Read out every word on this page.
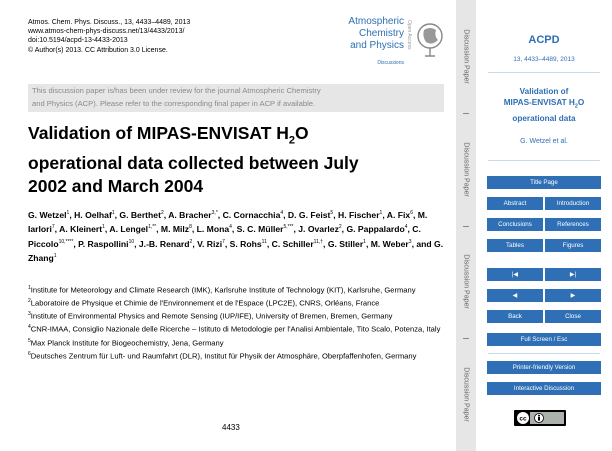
Atmos. Chem. Phys. Discuss., 13, 4433–4489, 2013
www.atmos-chem-phys-discuss.net/13/4433/2013/
doi:10.5194/acpd-13-4433-2013
© Author(s) 2013. CC Attribution 3.0 License.
Atmospheric
Chemistry
and Physics
Discussions
Open Access
This discussion paper is/has been under review for the journal Atmospheric Chemistry
and Physics (ACP). Please refer to the corresponding final paper in ACP if available.
Validation of MIPAS-ENVISAT $H_2O$
operational data collected between July
2002 and March 2004
G. Wetzel$^1$, H. Oelhaf$^1$, G. Berthet$^2$, A. Bracher$^{3,*}$, C. Cornacchia$^4$, D. G. Feist$^5$, H. Fischer$^1$, A. Fix$^6$, M. Iarlori$^7$, A. Kleinert$^1$, A. Lengel$^{1,**}$, M. Milz$^8$, L. Mona$^4$, S. C. Müller$^{5,***}$, J. Ovarlez$^2$, G. Pappalardo$^4$, C. Piccolo$^{10,****}$, P. Raspollini$^{10}$, J.-B. Renard$^2$, V. Rizi$^7$, S. Rohs$^{11}$, C. Schiller$^{11,\dagger}$, G. Stiller$^1$, M. Weber$^3$, and G. Zhang$^1$
$^1$Institute for Meteorology and Climate Research (IMK), Karlsruhe Institute of Technology (KIT), Karlsruhe, Germany
$^2$Laboratoire de Physique et Chimie de l'Environnement et de l'Espace (LPC2E), CNRS, Orléans, France
$^3$Institute of Environmental Physics and Remote Sensing (IUP/IFE), University of Bremen, Bremen, Germany
$^4$CNR-IMAA, Consiglio Nazionale delle Ricerche – Istituto di Metodologie per l'Analisi Ambientale, Tito Scalo, Potenza, Italy
$^5$Max Planck Institute for Biogeochemistry, Jena, Germany
$^6$Deutsches Zentrum für Luft- und Raumfahrt (DLR), Institut für Physik der Atmosphäre, Oberpfaffenhofen, Germany
4433
Discussion Paper
Discussion Paper
Discussion Paper
Discussion Paper
ACPD
13, 4433–4489, 2013
Validation of
MIPAS-ENVISAT $H_2O$
operational data
G. Wetzel et al.
Title Page
Abstract	Introduction
Conclusions	References
Tables	Figures
|◀	▶|
◀	▶
Back	Close
Full Screen / Esc
Printer-friendly Version
Interactive Discussion
cc
